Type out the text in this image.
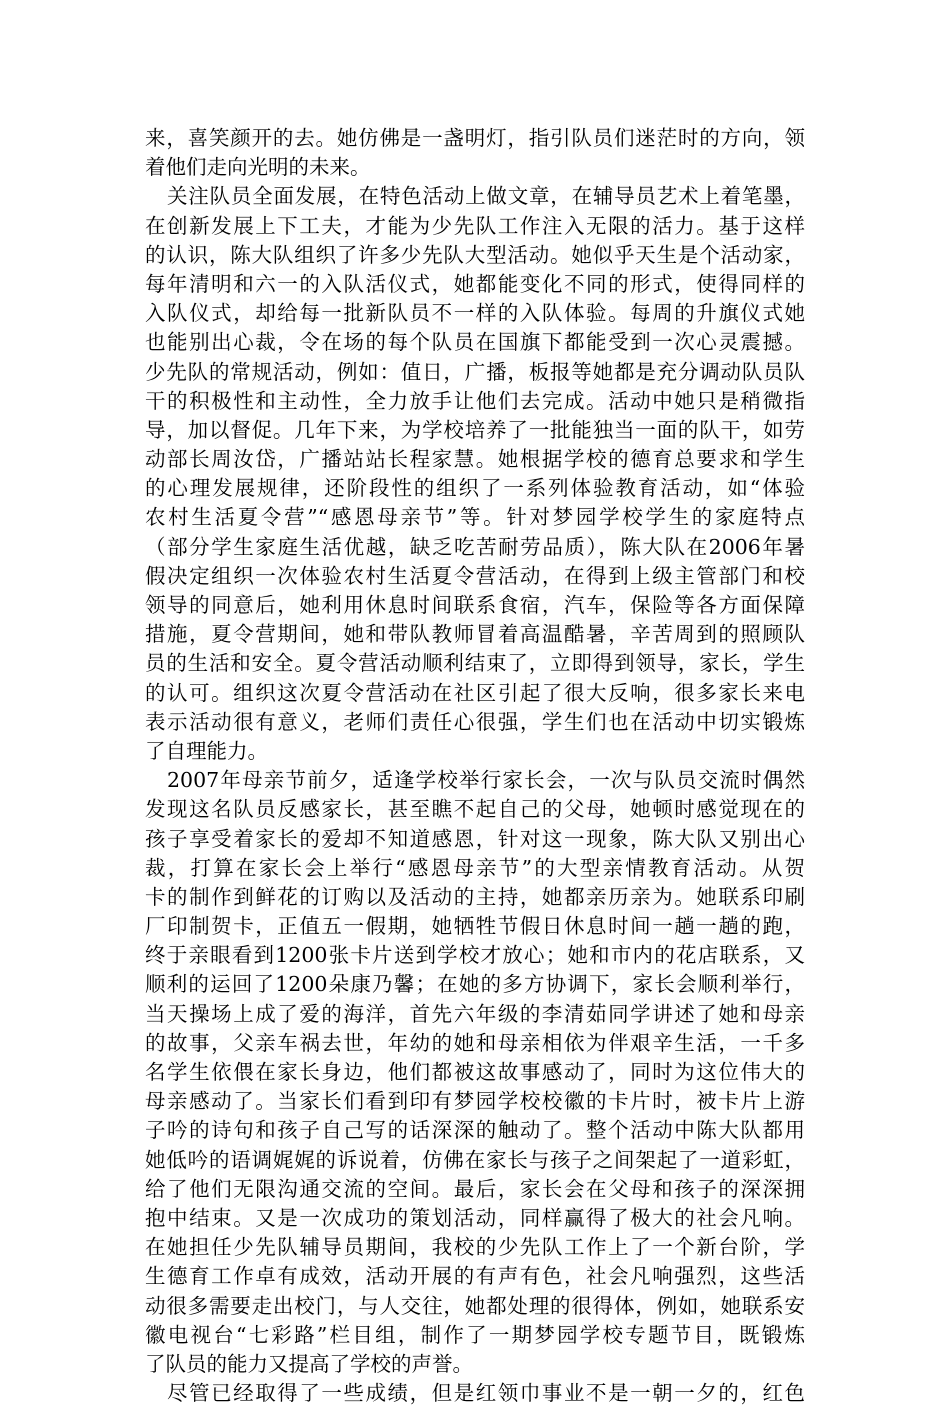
来，喜笑颜开的去。她仿佛是一盏明灯，指引队员们迷茫时的方向，领
着他们走向光明的未来。
关注队员全面发展，在特色活动上做文章，在辅导员艺术上着笔墨，
在创新发展上下工夫，才能为少先队工作注入无限的活力。基于这样
的认识，陈大队组织了许多少先队大型活动。她似乎天生是个活动家，
每年清明和六一的入队活仪式，她都能变化不同的形式，使得同样的
入队仪式，却给每一批新队员不一样的入队体验。每周的升旗仪式她
也能别出心裁，令在场的每个队员在国旗下都能受到一次心灵震撼。
少先队的常规活动，例如：值日，广播，板报等她都是充分调动队员队
干的积极性和主动性，全力放手让他们去完成。活动中她只是稍微指
导，加以督促。几年下来，为学校培养了一批能独当一面的队干，如劳
动部长周汝岱，广播站站长程家慧。她根据学校的德育总要求和学生
的心理发展规律，还阶段性的组织了一系列体验教育活动，如“体验
农村生活夏令营”“感恩母亲节”等。针对梦园学校学生的家庭特点
（部分学生家庭生活优越，缺乏吃苦耐劳品质），陈大队在2006年暑
假决定组织一次体验农村生活夏令营活动，在得到上级主管部门和校
领导的同意后，她利用休息时间联系食宿，汽车，保险等各方面保障
措施，夏令营期间，她和带队教师冒着高温酷暑，辛苦周到的照顾队
员的生活和安全。夏令营活动顺利结束了，立即得到领导，家长，学生
的认可。组织这次夏令营活动在社区引起了很大反响，很多家长来电
表示活动很有意义，老师们责任心很强，学生们也在活动中切实锻炼
了自理能力。
2007年母亲节前夕，适逢学校举行家长会，一次与队员交流时偶然
发现这名队员反感家长，甚至瞧不起自己的父母，她顿时感觉现在的
孩子享受着家长的爱却不知道感恩，针对这一现象，陈大队又别出心
裁，打算在家长会上举行“感恩母亲节”的大型亲情教育活动。从贺
卡的制作到鲜花的订购以及活动的主持，她都亲历亲为。她联系印刷
厂印制贺卡，正值五一假期，她牺牲节假日休息时间一趟一趟的跑，
终于亲眼看到1200张卡片送到学校才放心；她和市内的花店联系，又
顺利的运回了1200朵康乃馨；在她的多方协调下，家长会顺利举行，
当天操场上成了爱的海洋，首先六年级的李清茹同学讲述了她和母亲
的故事，父亲车祸去世，年幼的她和母亲相依为伴艰辛生活，一千多
名学生依偎在家长身边，他们都被这故事感动了，同时为这位伟大的
母亲感动了。当家长们看到印有梦园学校校徽的卡片时，被卡片上游
子吟的诗句和孩子自己写的话深深的触动了。整个活动中陈大队都用
她低吟的语调娓娓的诉说着，仿佛在家长与孩子之间架起了一道彩虹，
给了他们无限沟通交流的空间。最后，家长会在父母和孩子的深深拥
抱中结束。又是一次成功的策划活动，同样赢得了极大的社会凡响。
在她担任少先队辅导员期间，我校的少先队工作上了一个新台阶，学
生德育工作卓有成效，活动开展的有声有色，社会凡响强烈，这些活
动很多需要走出校门，与人交往，她都处理的很得体，例如，她联系安
徽电视台“七彩路”栏目组，制作了一期梦园学校专题节目，既锻炼
了队员的能力又提高了学校的声誉。
尽管已经取得了一些成绩，但是红领巾事业不是一朝一夕的，红色
